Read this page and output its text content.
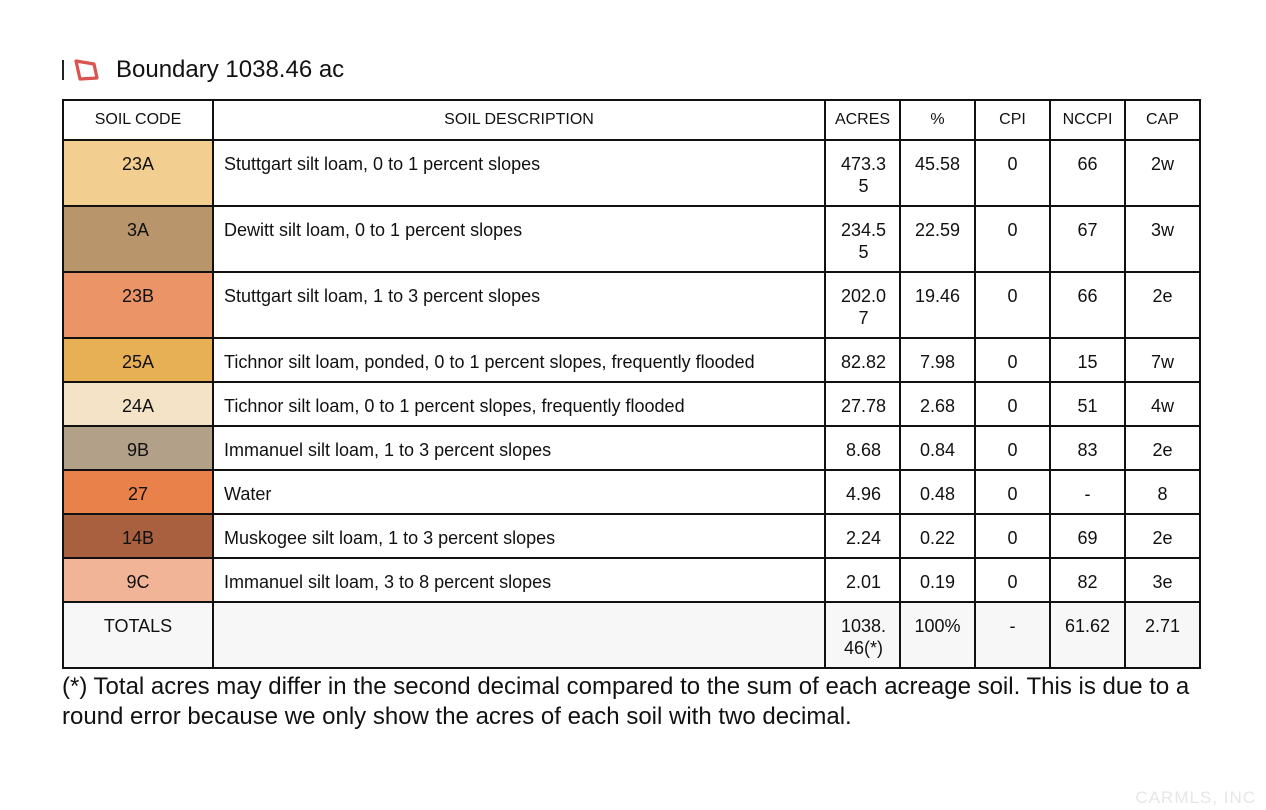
Boundary 1038.46 ac
SOIL CODE	SOIL DESCRIPTION	ACRES	%	CPI	NCCPI	CAP
23A	Stuttgart silt loam, 0 to 1 percent slopes	473.35	45.58	0	66	2w
3A	Dewitt silt loam, 0 to 1 percent slopes	234.55	22.59	0	67	3w
23B	Stuttgart silt loam, 1 to 3 percent slopes	202.07	19.46	0	66	2e
25A	Tichnor silt loam, ponded, 0 to 1 percent slopes, frequently flooded	82.82	7.98	0	15	7w
24A	Tichnor silt loam, 0 to 1 percent slopes, frequently flooded	27.78	2.68	0	51	4w
9B	Immanuel silt loam, 1 to 3 percent slopes	8.68	0.84	0	83	2e
27	Water	4.96	0.48	0	-	8
14B	Muskogee silt loam, 1 to 3 percent slopes	2.24	0.22	0	69	2e
9C	Immanuel silt loam, 3 to 8 percent slopes	2.01	0.19	0	82	3e
TOTALS		1038.46(*)	100%	-	61.62	2.71
(*) Total acres may differ in the second decimal compared to the sum of each acreage soil. This is due to a round error because we only show the acres of each soil with two decimal.
CARMLS, INC
